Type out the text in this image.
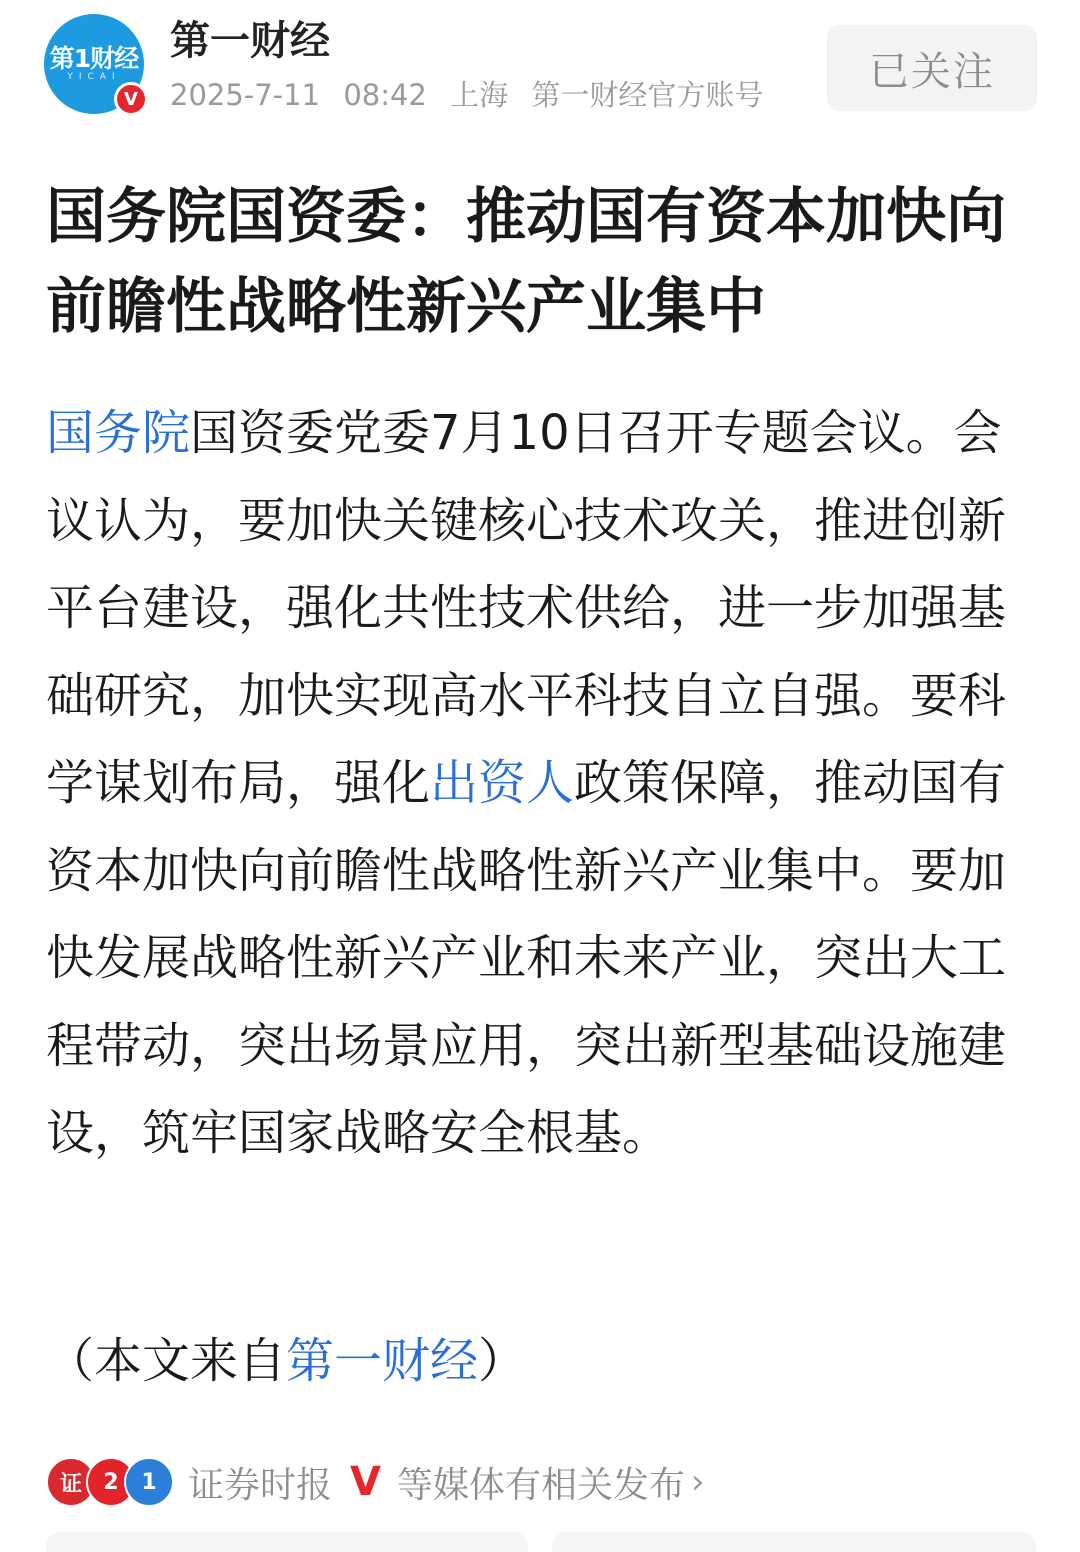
第1财经
YICAI
V
第一财经
2025-7-11 08:42 上海 第一财经官方账号
已关注
国务院国资委：推动国有资本加快向前瞻性战略性新兴产业集中
国务院国资委党委7月10日召开专题会议。会议认为，要加快关键核心技术攻关，推进创新平台建设，强化共性技术供给，进一步加强基础研究，加快实现高水平科技自立自强。要科学谋划布局，强化出资人政策保障，推动国有资本加快向前瞻性战略性新兴产业集中。要加快发展战略性新兴产业和未来产业，突出大工程带动，突出场景应用，突出新型基础设施建设，筑牢国家战略安全根基。
（本文来自第一财经）
证 2	1 证券时报 V 等媒体有相关发布 ›
